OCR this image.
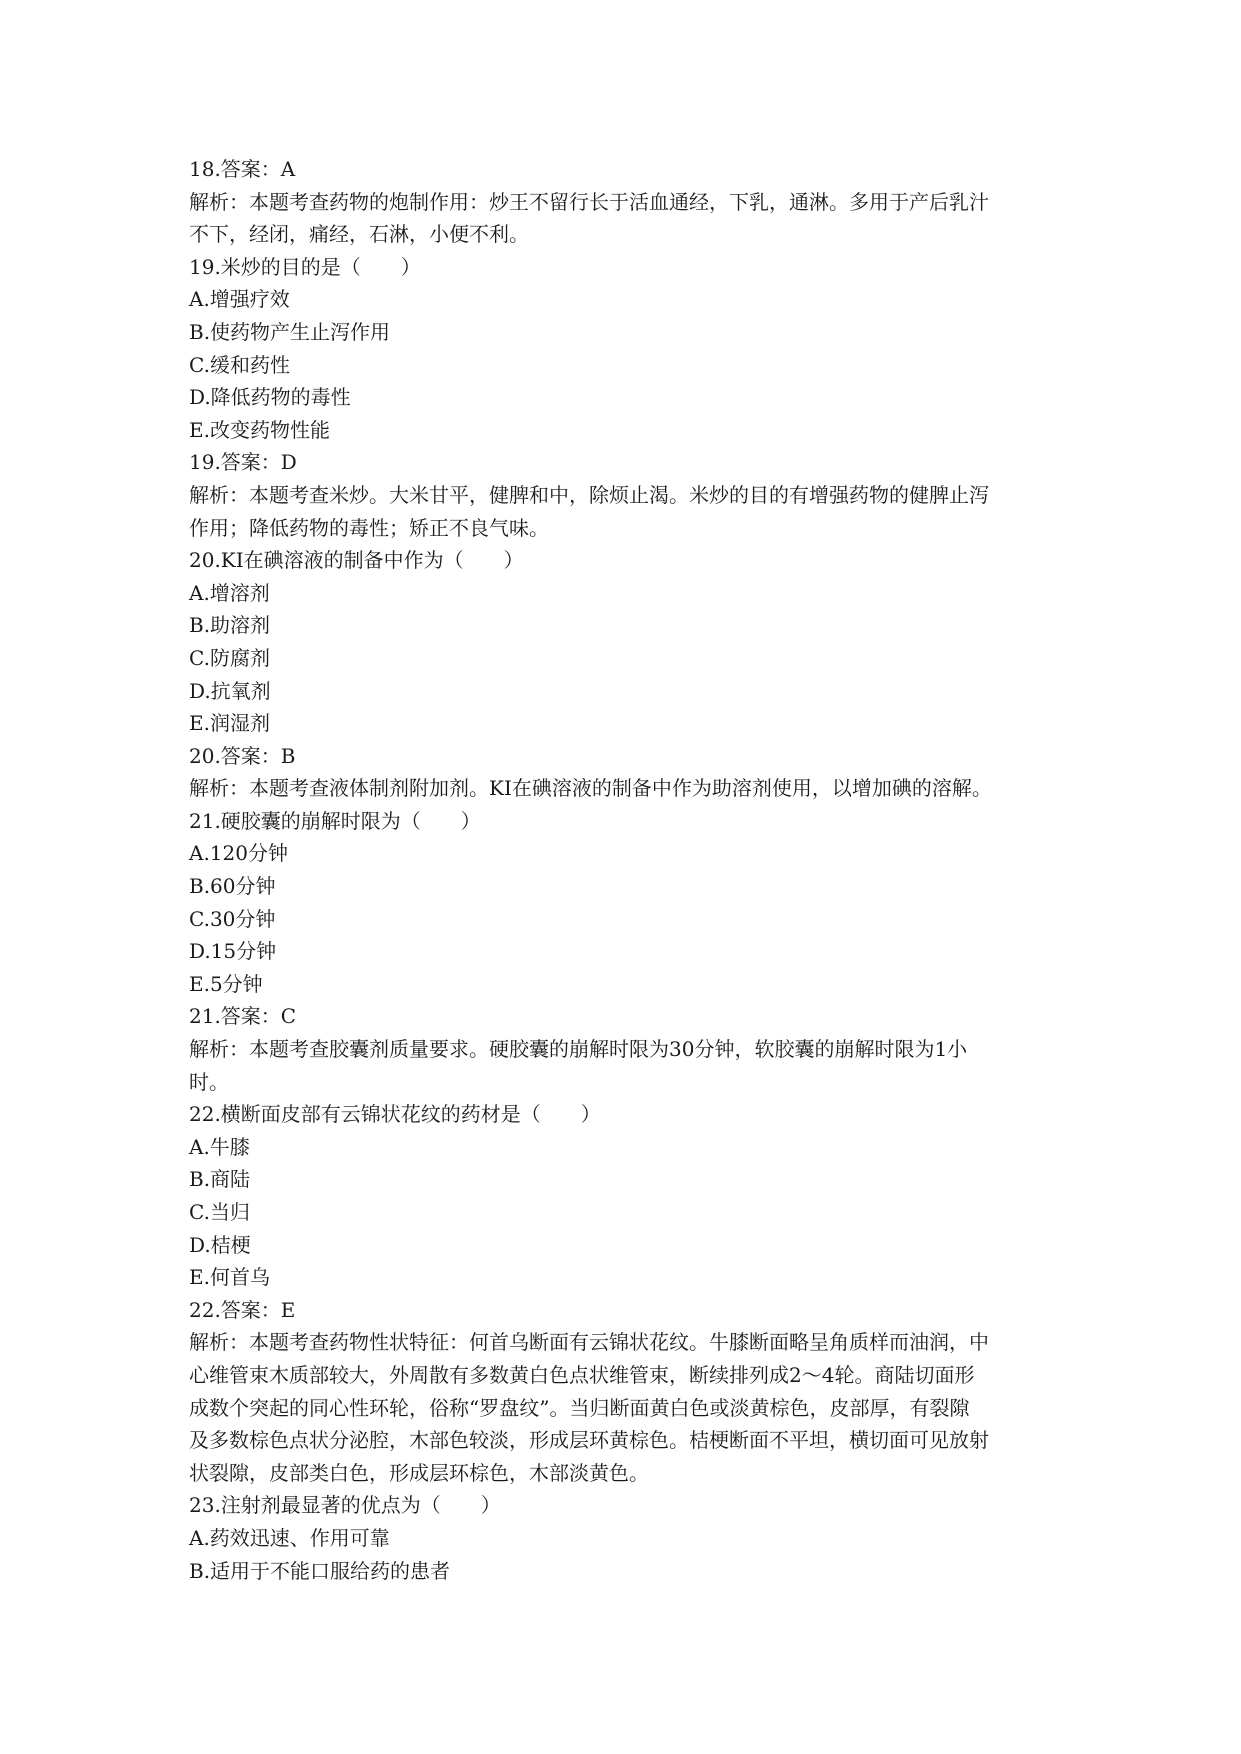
18.答案：A
解析：本题考查药物的炮制作用：炒王不留行长于活血通经，下乳，通淋。多用于产后乳汁
不下，经闭，痛经，石淋，小便不利。
19.米炒的目的是（　　）
A.增强疗效
B.使药物产生止泻作用
C.缓和药性
D.降低药物的毒性
E.改变药物性能
19.答案：D
解析：本题考查米炒。大米甘平，健脾和中，除烦止渴。米炒的目的有增强药物的健脾止泻
作用；降低药物的毒性；矫正不良气味。
20.KI在碘溶液的制备中作为（　　）
A.增溶剂
B.助溶剂
C.防腐剂
D.抗氧剂
E.润湿剂
20.答案：B
解析：本题考查液体制剂附加剂。KI在碘溶液的制备中作为助溶剂使用，以增加碘的溶解。
21.硬胶囊的崩解时限为（　　）
A.120分钟
B.60分钟
C.30分钟
D.15分钟
E.5分钟
21.答案：C
解析：本题考查胶囊剂质量要求。硬胶囊的崩解时限为30分钟，软胶囊的崩解时限为1小
时。
22.横断面皮部有云锦状花纹的药材是（　　）
A.牛膝
B.商陆
C.当归
D.桔梗
E.何首乌
22.答案：E
解析：本题考查药物性状特征：何首乌断面有云锦状花纹。牛膝断面略呈角质样而油润，中
心维管束木质部较大，外周散有多数黄白色点状维管束，断续排列成2～4轮。商陆切面形
成数个突起的同心性环轮，俗称“罗盘纹”。当归断面黄白色或淡黄棕色，皮部厚，有裂隙
及多数棕色点状分泌腔，木部色较淡，形成层环黄棕色。桔梗断面不平坦，横切面可见放射
状裂隙，皮部类白色，形成层环棕色，木部淡黄色。
23.注射剂最显著的优点为（　　）
A.药效迅速、作用可靠
B.适用于不能口服给药的患者
